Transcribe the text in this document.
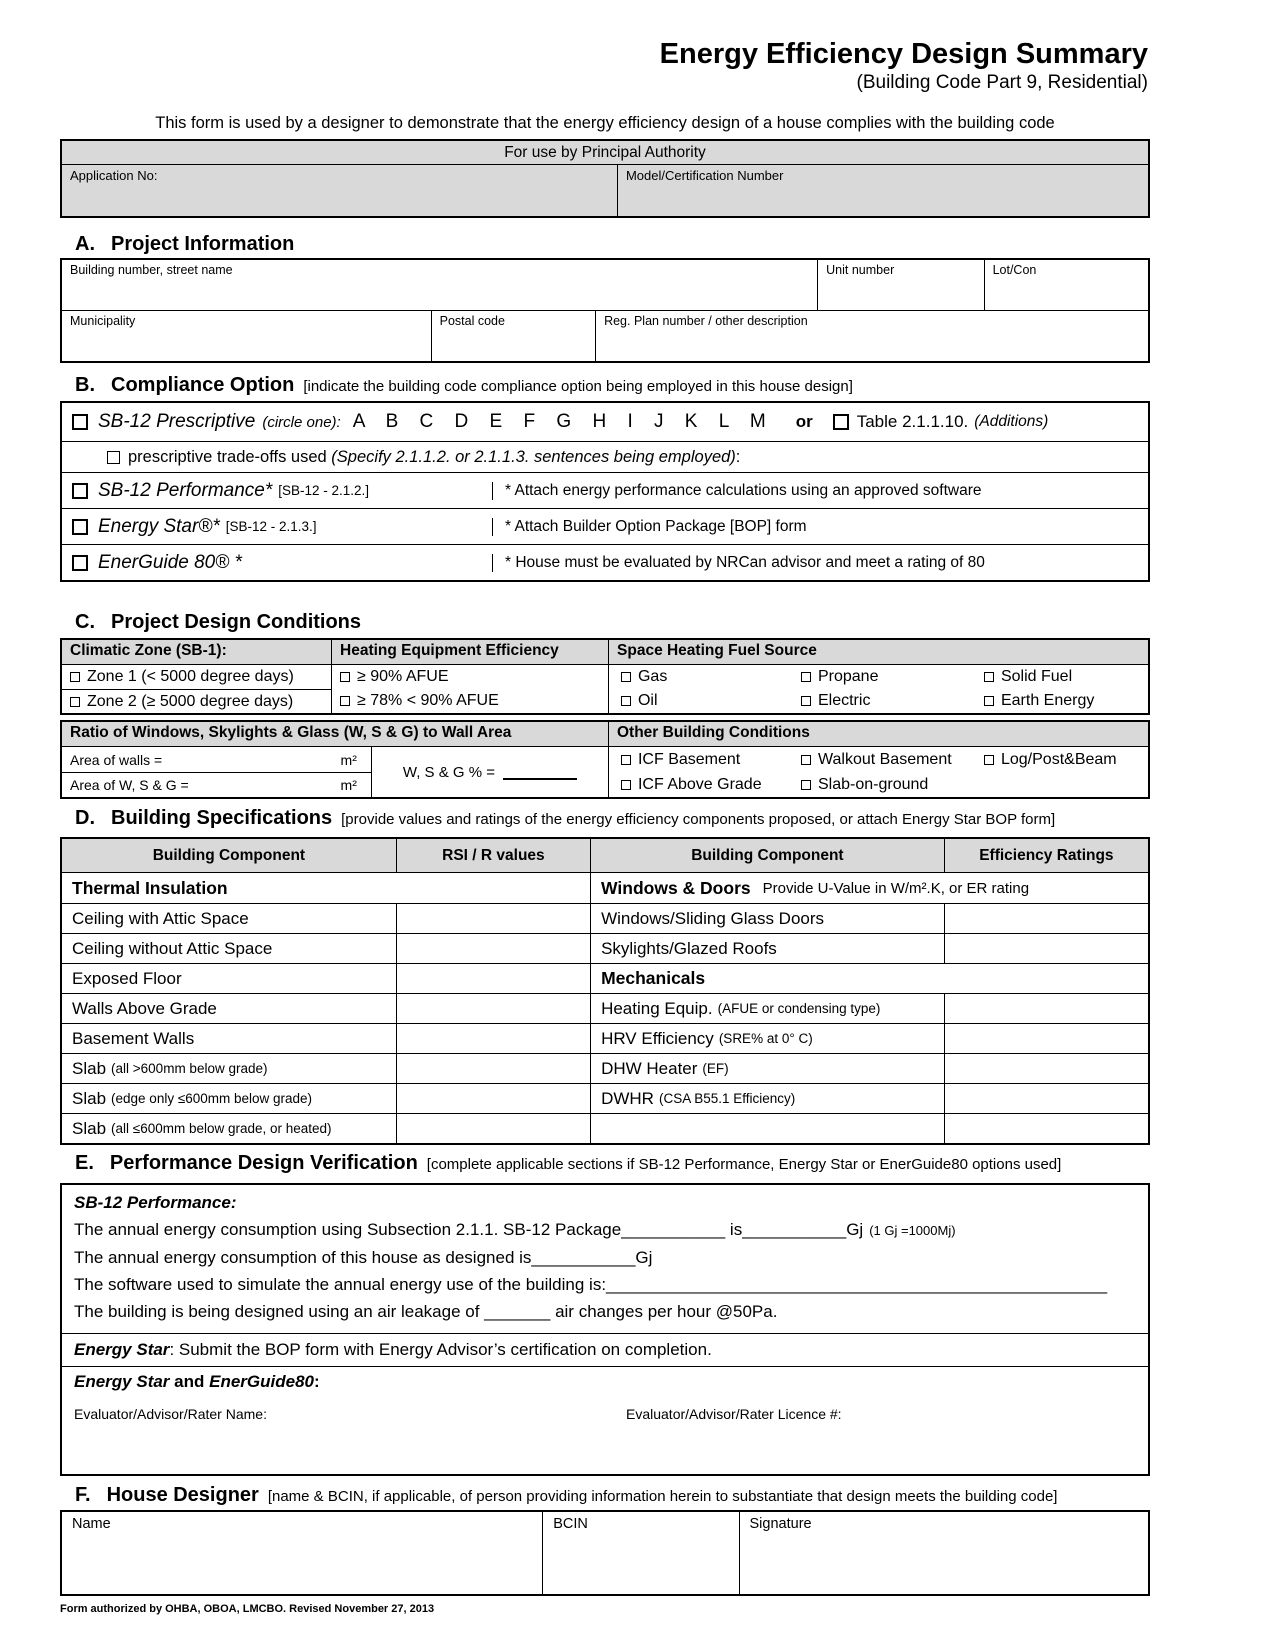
Energy Efficiency Design Summary
(Building Code Part 9, Residential)
This form is used by a designer to demonstrate that the energy efficiency design of a house complies with the building code
For use by Principal Authority
Application No:	Model/Certification Number
A. Project Information
Building number, street name	Unit number	Lot/Con
Municipality	Postal code	Reg. Plan number / other description
B. Compliance Option [indicate the building code compliance option being employed in this house design]
SB-12 Prescriptive (circle one): A B C D E F G H I J K L M or	Table 2.1.1.10. (Additions)
prescriptive trade-offs used (Specify 2.1.1.2. or 2.1.1.3. sentences being employed):
SB-12 Performance* [SB-12 - 2.1.2.]	* Attach energy performance calculations using an approved software
Energy Star®* [SB-12 - 2.1.3.]	* Attach Builder Option Package [BOP] form
EnerGuide 80® *	* House must be evaluated by NRCan advisor and meet a rating of 80
C. Project Design Conditions
Climatic Zone (SB-1):	Heating Equipment Efficiency	Space Heating Fuel Source
Zone 1 (< 5000 degree days)
Zone 2 (≥ 5000 degree days)
≥ 90% AFUE
≥ 78% < 90% AFUE
Gas	Propane	Solid Fuel
Oil	Electric	Earth Energy
Ratio of Windows, Skylights & Glass (W, S & G) to Wall Area	Other Building Conditions
Area of walls =	m²
Area of W, S & G =	m²
W, S & G % =
ICF Basement	Walkout Basement	Log/Post&Beam
ICF Above Grade	Slab-on-ground
D. Building Specifications [provide values and ratings of the energy efficiency components proposed, or attach Energy Star BOP form]
Building Component	RSI / R values	Building Component	Efficiency Ratings
Thermal Insulation	Windows & Doors Provide U-Value in W/m².K, or ER rating
Ceiling with Attic Space	Windows/Sliding Glass Doors
Ceiling without Attic Space	Skylights/Glazed Roofs
Exposed Floor	Mechanicals
Walls Above Grade	Heating Equip. (AFUE or condensing type)
Basement Walls	HRV Efficiency (SRE% at 0° C)
Slab (all >600mm below grade)	DHW Heater (EF)
Slab (edge only ≤600mm below grade)	DWHR (CSA B55.1 Efficiency)
Slab (all ≤600mm below grade, or heated)
E. Performance Design Verification [complete applicable sections if SB-12 Performance, Energy Star or EnerGuide80 options used]
SB-12 Performance:
The annual energy consumption using Subsection 2.1.1. SB-12 Package___________ is___________Gj (1 Gj =1000Mj)
The annual energy consumption of this house as designed is___________Gj
The software used to simulate the annual energy use of the building is:_____________________________________________________
The building is being designed using an air leakage of _______ air changes per hour @50Pa.
Energy Star : Submit the BOP form with Energy Advisor’s certification on completion.
Energy Star and EnerGuide80:
Evaluator/Advisor/Rater Name:	Evaluator/Advisor/Rater Licence #:
F. House Designer [name & BCIN, if applicable, of person providing information herein to substantiate that design meets the building code]
Name	BCIN	Signature
Form authorized by OHBA, OBOA, LMCBO. Revised November 27, 2013
